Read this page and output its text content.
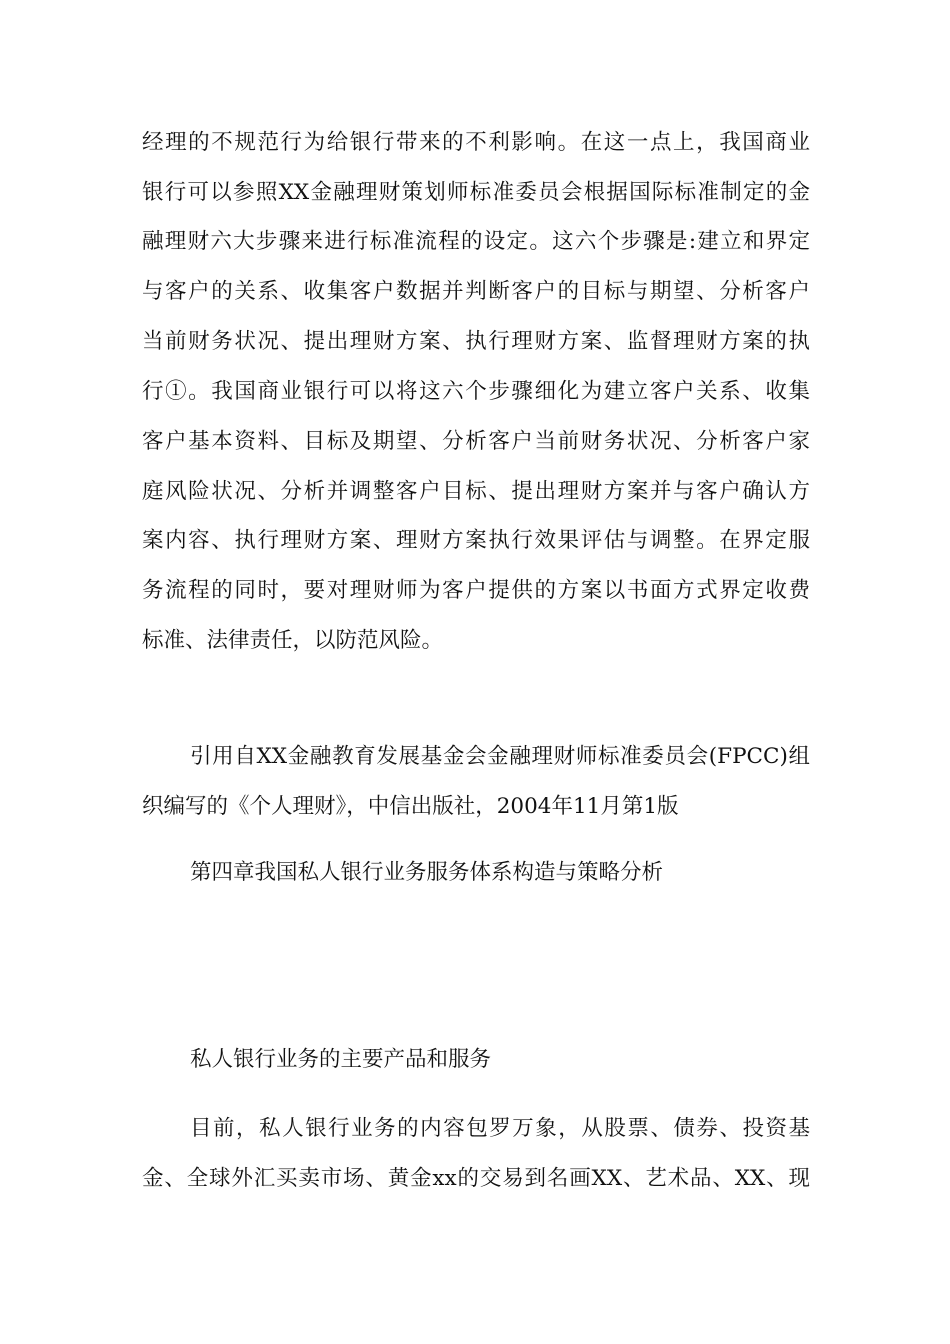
经理的不规范行为给银行带来的不利影响。在这一点上，我国商业
银行可以参照XX金融理财策划师标准委员会根据国际标准制定的金
融理财六大步骤来进行标准流程的设定。这六个步骤是:建立和界定
与客户的关系、收集客户数据并判断客户的目标与期望、分析客户
当前财务状况、提出理财方案、执行理财方案、监督理财方案的执
行①。我国商业银行可以将这六个步骤细化为建立客户关系、收集
客户基本资料、目标及期望、分析客户当前财务状况、分析客户家
庭风险状况、分析并调整客户目标、提出理财方案并与客户确认方
案内容、执行理财方案、理财方案执行效果评估与调整。在界定服
务流程的同时，要对理财师为客户提供的方案以书面方式界定收费
标准、法律责任，以防范风险。
引用自XX金融教育发展基金会金融理财师标准委员会(FPCC)组
织编写的《个人理财》，中信出版社，2004年11月第1版
第四章我国私人银行业务服务体系构造与策略分析
私人银行业务的主要产品和服务
目前，私人银行业务的内容包罗万象，从股票、债券、投资基
金、全球外汇买卖市场、黄金xx的交易到名画XX、艺术品、XX、现
